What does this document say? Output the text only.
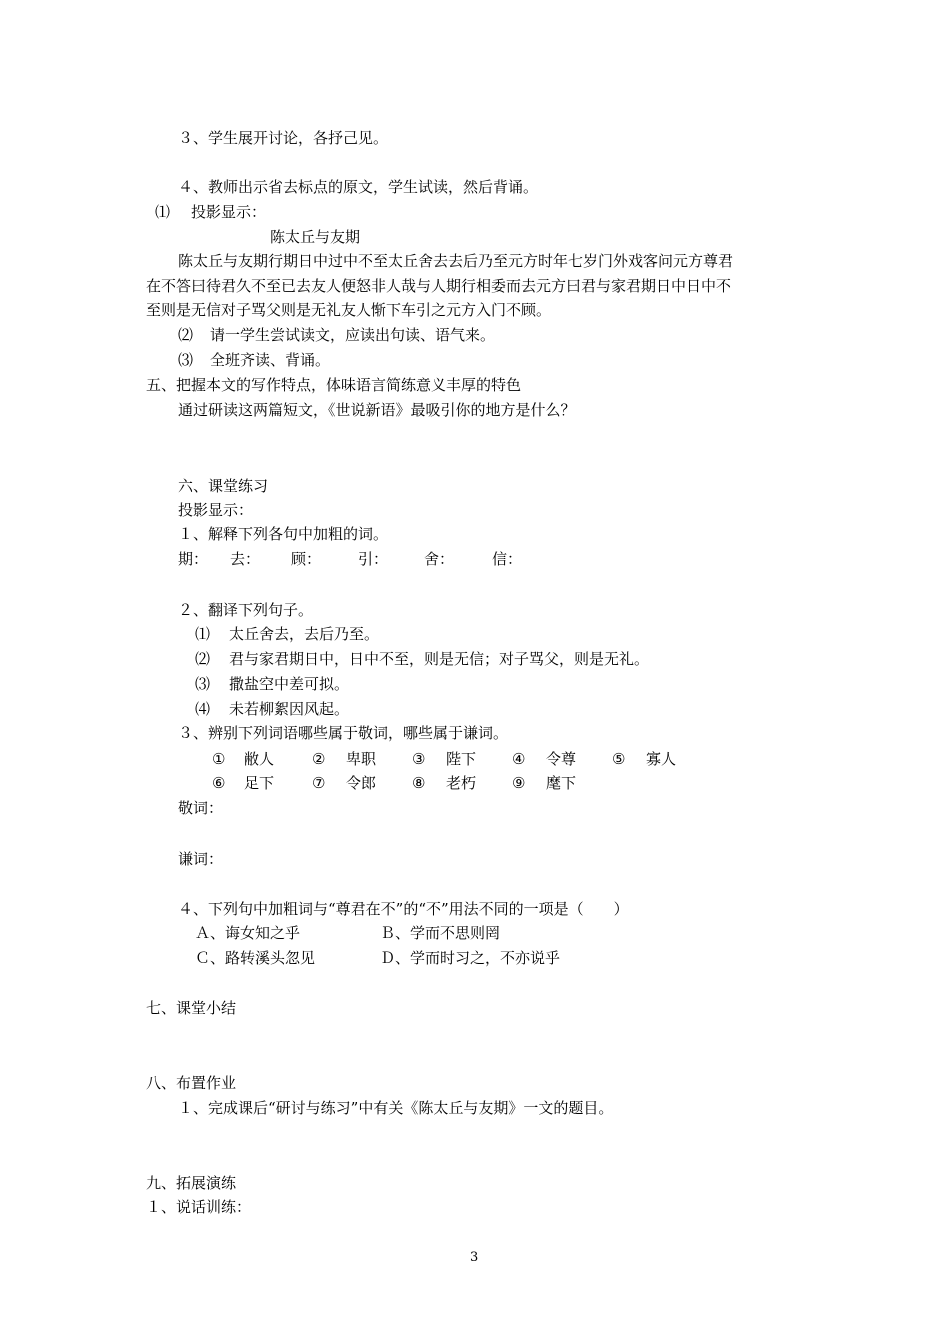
３、学生展开讨论，各抒己见。
４、教师出示省去标点的原文，学生试读，然后背诵。
⑴ 投影显示：
陈太丘与友期
陈太丘与友期行期日中过中不至太丘舍去去后乃至元方时年七岁门外戏客问元方尊君
在不答曰待君久不至已去友人便怒非人哉与人期行相委而去元方曰君与家君期日中日中不
至则是无信对子骂父则是无礼友人惭下车引之元方入门不顾。
⑵ 请一学生尝试读文，应读出句读、语气来。
⑶ 全班齐读、背诵。
五、把握本文的写作特点，体味语言简练意义丰厚的特色
通过研读这两篇短文，《世说新语》最吸引你的地方是什么？
六、课堂练习
投影显示：
１、解释下列各句中加粗的词。
期： 去： 顾： 引： 舍：	信：
２、翻译下列句子。
⑴ 太丘舍去，去后乃至。
⑵ 君与家君期日中，日中不至，则是无信；对子骂父，则是无礼。
⑶ 撒盐空中差可拟。
⑷ 未若柳絮因风起。
３、辨别下列词语哪些属于敬词，哪些属于谦词。
① 敝人	② 卑职 ③ 陛下 ④ 令尊 ⑤ 寡人
⑥ 足下	⑦ 令郎 ⑧ 老朽 ⑨ 麾下
敬词：
谦词：
４、下列句中加粗词与“尊君在不”的“不”用法不同的一项是（　　）
Ａ、诲女知之乎	Ｂ、学而不思则罔
Ｃ、路转溪头忽见	Ｄ、学而时习之，不亦说乎
七、课堂小结
八、布置作业
１、完成课后“研讨与练习”中有关《陈太丘与友期》一文的题目。
九、拓展演练
１、说话训练：
3
